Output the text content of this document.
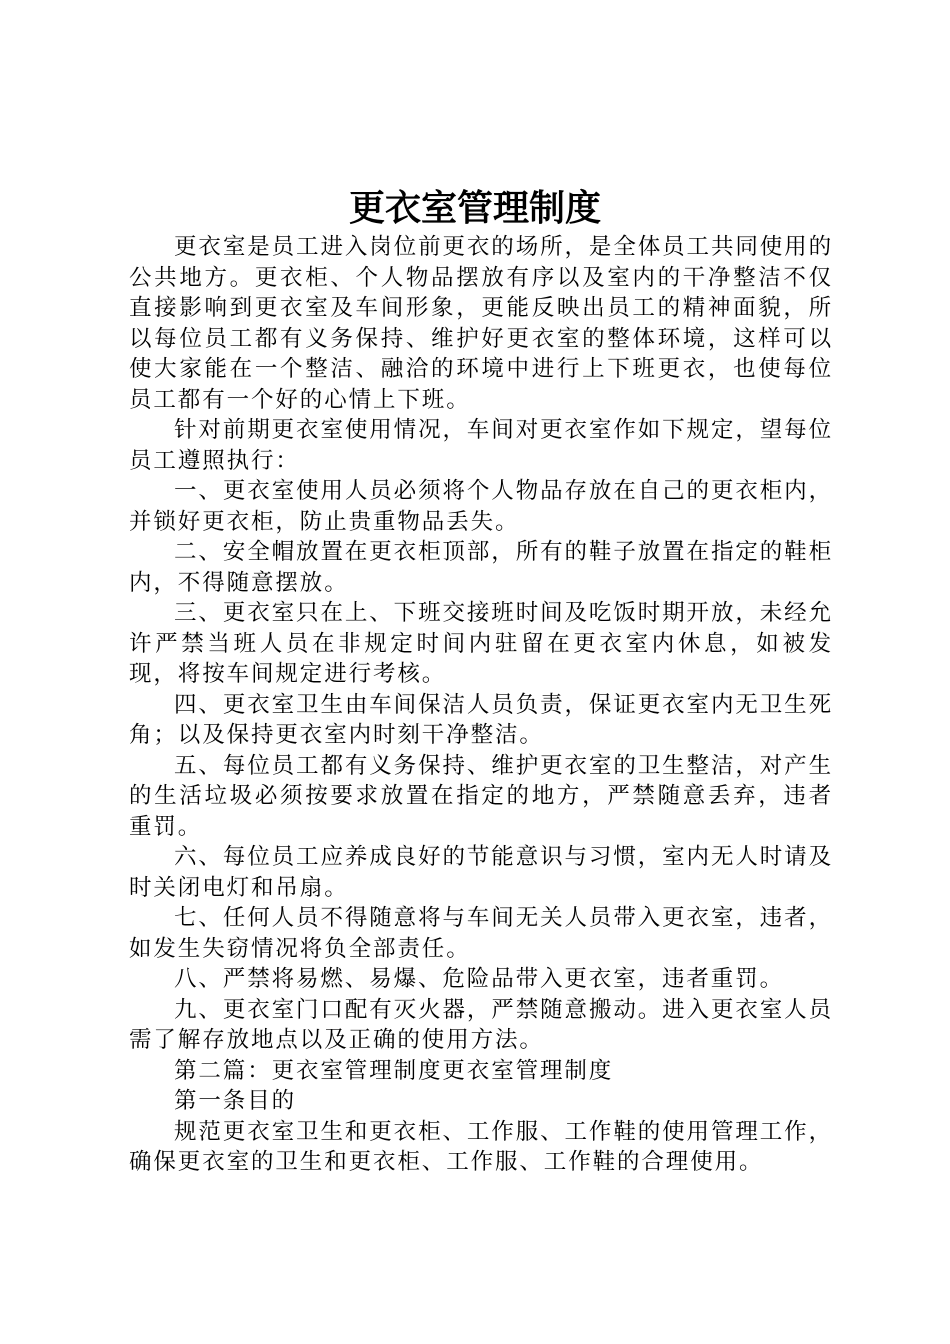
更衣室管理制度

更衣室是员工进入岗位前更衣的场所，是全体员工共同使用的公共地方。更衣柜、个人物品摆放有序以及室内的干净整洁不仅直接影响到更衣室及车间形象，更能反映出员工的精神面貌，所以每位员工都有义务保持、维护好更衣室的整体环境，这样可以使大家能在一个整洁、融洽的环境中进行上下班更衣，也使每位员工都有一个好的心情上下班。

针对前期更衣室使用情况，车间对更衣室作如下规定，望每位员工遵照执行：

一、更衣室使用人员必须将个人物品存放在自己的更衣柜内，并锁好更衣柜，防止贵重物品丢失。

二、安全帽放置在更衣柜顶部，所有的鞋子放置在指定的鞋柜内，不得随意摆放。

三、更衣室只在上、下班交接班时间及吃饭时期开放，未经允许严禁当班人员在非规定时间内驻留在更衣室内休息，如被发现，将按车间规定进行考核。

四、更衣室卫生由车间保洁人员负责，保证更衣室内无卫生死角；以及保持更衣室内时刻干净整洁。

五、每位员工都有义务保持、维护更衣室的卫生整洁，对产生的生活垃圾必须按要求放置在指定的地方，严禁随意丢弃，违者重罚。

六、每位员工应养成良好的节能意识与习惯，室内无人时请及时关闭电灯和吊扇。

七、任何人员不得随意将与车间无关人员带入更衣室，违者，如发生失窃情况将负全部责任。

八、严禁将易燃、易爆、危险品带入更衣室，违者重罚。

九、更衣室门口配有灭火器，严禁随意搬动。进入更衣室人员需了解存放地点以及正确的使用方法。

第二篇：更衣室管理制度更衣室管理制度

第一条目的

规范更衣室卫生和更衣柜、工作服、工作鞋的使用管理工作，确保更衣室的卫生和更衣柜、工作服、工作鞋的合理使用。
